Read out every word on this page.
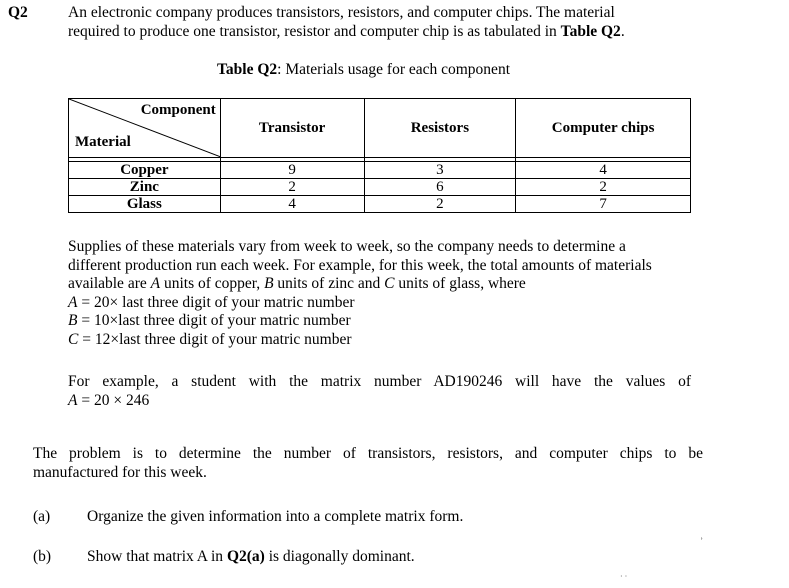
Q2	An electronic company produces transistors, resistors, and computer chips. The material
required to produce one transistor, resistor and computer chip is as tabulated in Table Q2.
Table Q2: Materials usage for each component
Component
Material	Transistor	Resistors	Computer chips

Copper	9	3	4
Zinc	2	6	2
Glass	4	2	7
Supplies of these materials vary from week to week, so the company needs to determine a
different production run each week. For example, for this week, the total amounts of materials
available are A units of copper, B units of zinc and C units of glass, where
A = 20× last three digit of your matric number
B = 10×last three digit of your matric number
C = 12×last three digit of your matric number
For example, a student with the matrix number AD190246 will have the values of
A = 20 × 246
The problem is to determine the number of transistors, resistors, and computer chips to be
manufactured for this week.
(a) Organize the given information into a complete matrix form.
(b) Show that matrix A in Q2(a) is diagonally dominant.
˒
· ·
